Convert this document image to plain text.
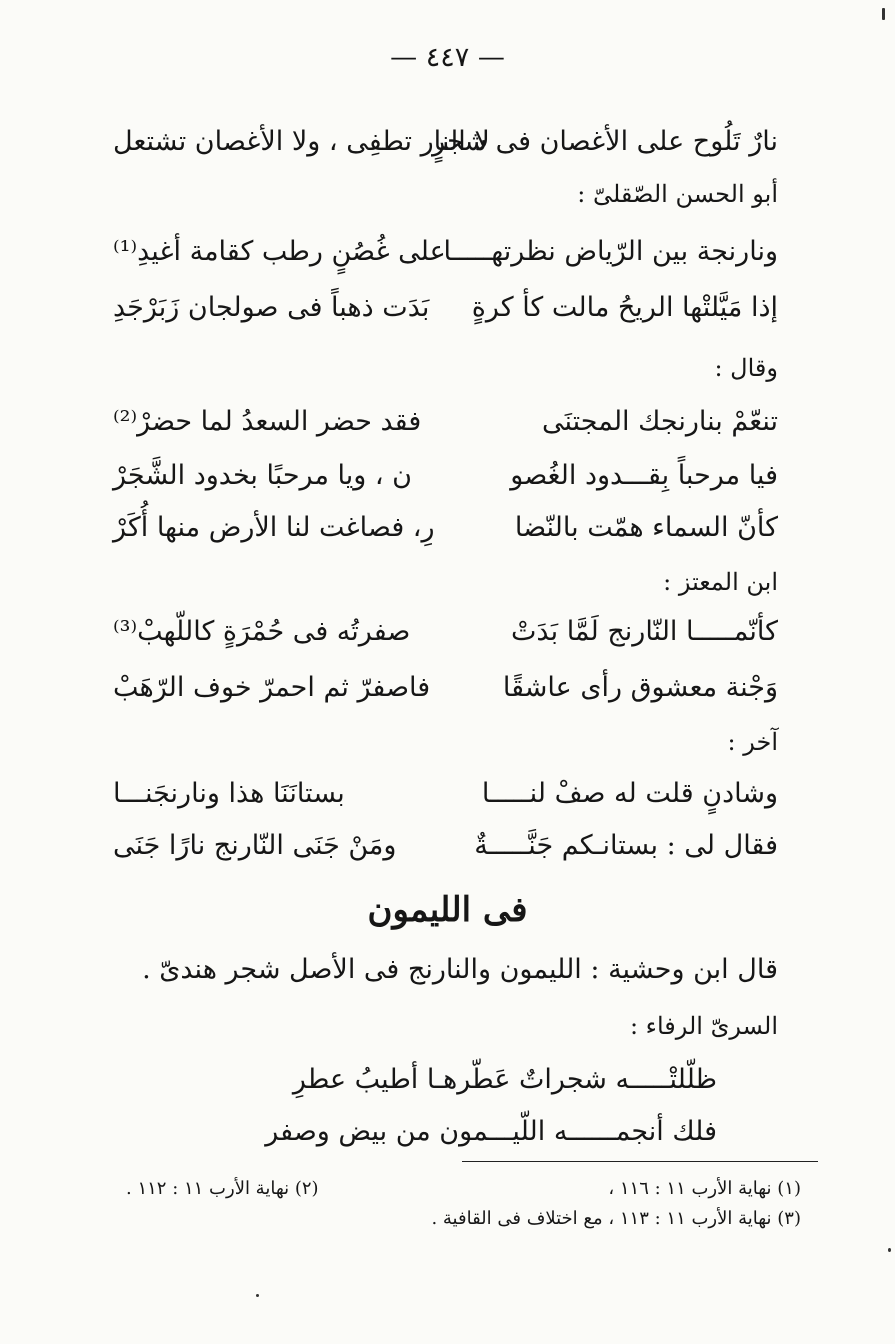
— ٤٤٧ —
نارٌ تَلُوح على الأغصان فى شجرٍ
لا النار تطفِى ، ولا الأغصان تشتعل
أبو الحسن الصّقلىّ :
ونارنجة بين الرّياض نظرتهـــــا
على غُصُنٍ رطب كقامة أغيدِ⁽¹⁾
إذا مَيَّلتْها الريحُ مالت كأ كرةٍ
بَدَت ذهباً فى صولجان زَبَرْجَدِ
وقال :
تنعّمْ بنارنجك المجتنَى
فقد حضر السعدُ لما حضرْ⁽²⁾
فيا مرحباً بِقـــدود الغُصو
ن ، ويا مرحبًا بخدود الشَّجَرْ
كأنّ السماء همّت بالنّضا
رِ، فصاغت لنا الأرض منها أُكَرْ
ابن المعتز :
كأنّمـــــا النّارنج لَمَّا بَدَتْ
صفرتُه فى حُمْرَةٍ كاللّهبْ⁽³⁾
وَجْنة معشوق رأى عاشقًا
فاصفرّ ثم احمرّ خوف الرّهَبْ
آخر :
وشادنٍ قلت له صفْ لنـــــا
بستانَنَا هذا ونارنجَنـــا
فقال لى : بستانـكم جَنَّـــــةٌ
ومَنْ جَنَى النّارنج نارًا جَنَى
فى الليمون
قال ابن وحشية : الليمون والنارنج فى الأصل شجر هندىّ .
السرىّ الرفاء :
ظلّلتْـــــه شجراتٌ عَطّرهـا أطيبُ عطرِ
فلك أنجمــــــه اللّيـــمون من بيض وصفر
(١) نهاية الأرب ١١ : ١١٦ ،
(٢) نهاية الأرب ١١ : ١١٢ .
(٣) نهاية الأرب ١١ : ١١٣ ، مع اختلاف فى القافية .
